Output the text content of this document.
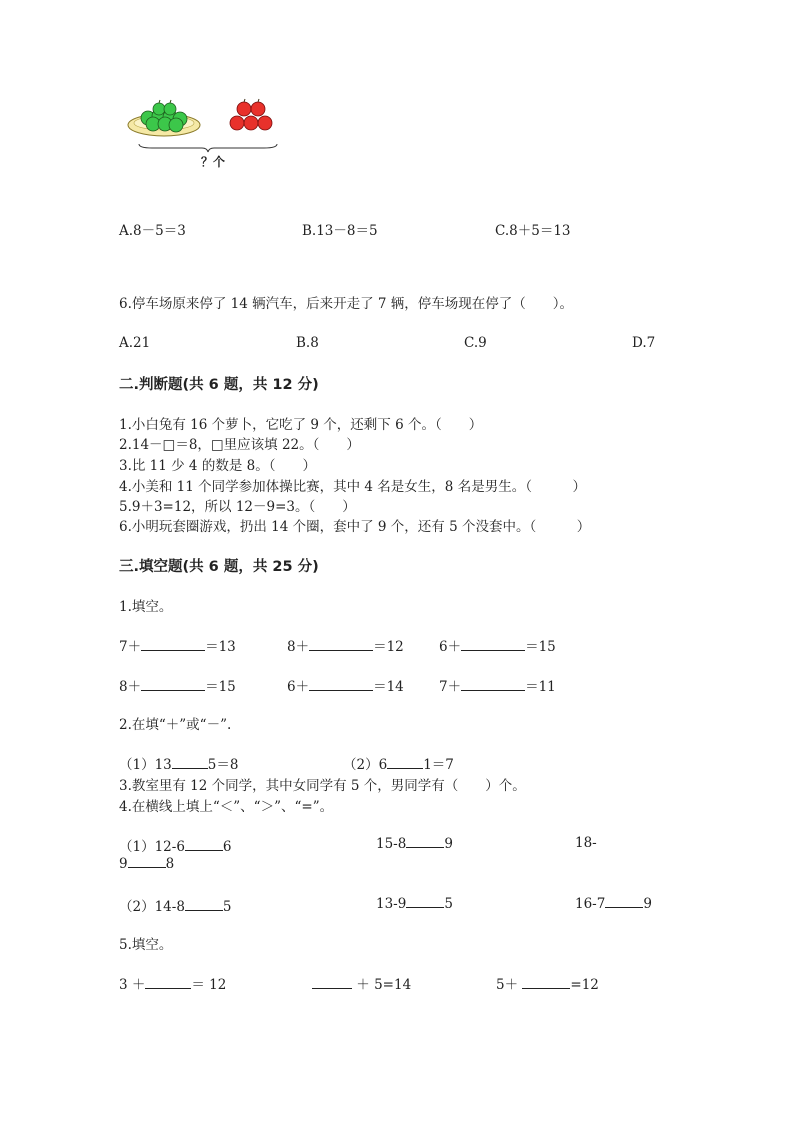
？个
A.8－5＝3	B.13－8＝5	C.8＋5＝13
6.停车场原来停了 14 辆汽车，后来开走了 7 辆，停车场现在停了（　　）。
A.21	B.8	C.9	D.7
二.判断题(共 6 题，共 12 分)
1.小白兔有 16 个萝卜，它吃了 9 个，还剩下 6 个。（　　）
2.14－□＝8，□里应该填 22。（　　）
3.比 11 少 4 的数是 8。（　　）
4.小美和 11 个同学参加体操比赛，其中 4 名是女生，8 名是男生。（　　　）
5.9＋3=12，所以 12－9=3。（　　）
6.小明玩套圈游戏，扔出 14 个圈，套中了 9 个，还有 5 个没套中。（　　　）
三.填空题(共 6 题，共 25 分)
1.填空。
7＋	＝13	8＋	＝12	6＋	＝15
8＋	＝15	6＋	＝14	7＋	＝11
2.在填“＋”或“－”.
（1）13	5＝8	（2）6	1＝7
3.教室里有 12 个同学，其中女同学有 5 个，男同学有（　　）个。
4.在横线上填上“＜”、“＞”、“=”。
（1）12-6	6	15-8	9	18-
9	8
（2）14-8	5	13-9	5	16-7	9
5.填空。
3 ＋	＝ 12	＋ 5=14	5＋	=12
